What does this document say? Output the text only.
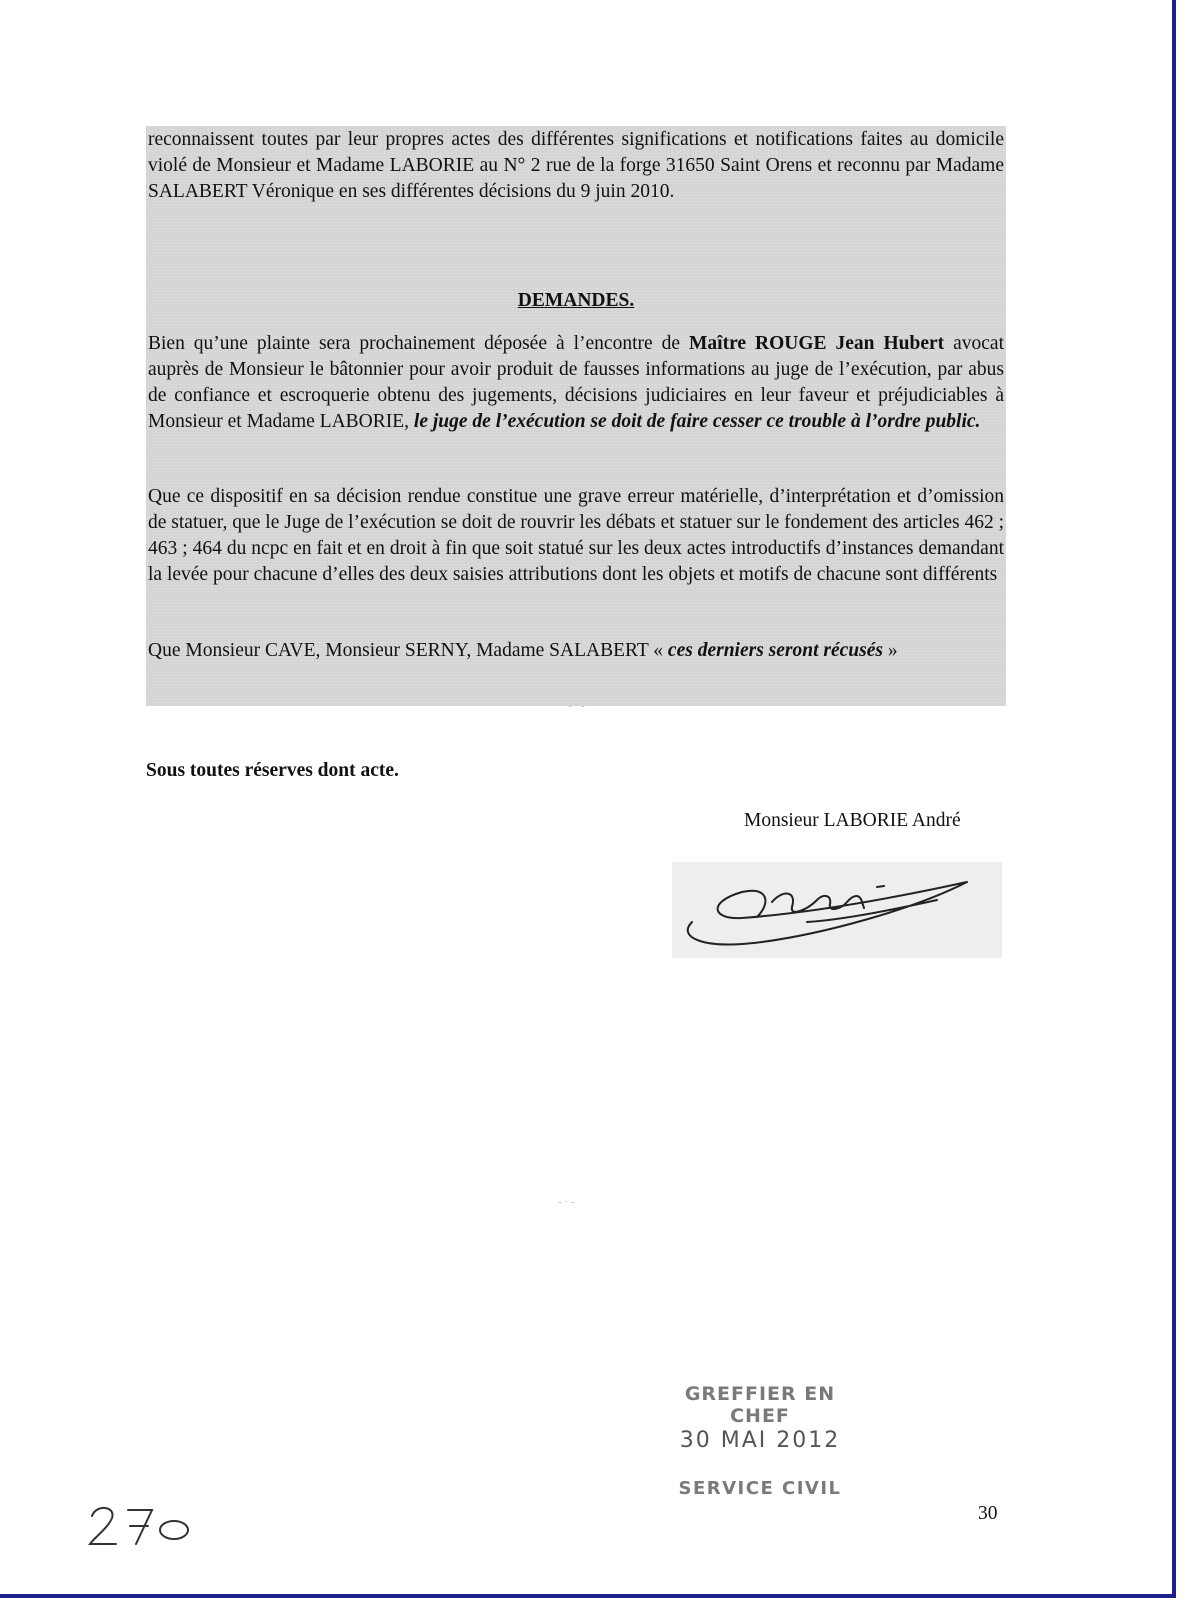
reconnaissent toutes par leur propres actes des différentes significations et notifications faites au domicile violé de Monsieur et Madame LABORIE au N° 2 rue de la forge 31650 Saint Orens et reconnu par Madame SALABERT Véronique en ses différentes décisions du 9 juin 2010.

DEMANDES.

Bien qu’une plainte sera prochainement déposée à l’encontre de Maître ROUGE Jean Hubert avocat auprès de Monsieur le bâtonnier pour avoir produit de fausses informations au juge de l’exécution, par abus de confiance et escroquerie obtenu des jugements, décisions judiciaires en leur faveur et préjudiciables à Monsieur et Madame LABORIE, le juge de l’exécution se doit de faire cesser ce trouble à l’ordre public.

Que ce dispositif en sa décision rendue constitue une grave erreur matérielle, d’interprétation et d’omission de statuer, que le Juge de l’exécution se doit de rouvrir les débats et statuer sur le fondement des articles 462 ; 463 ; 464 du ncpc en fait et en droit à fin que soit statué sur les deux actes introductifs d’instances demandant la levée pour chacune d’elles des deux saisies attributions dont les objets et motifs de chacune sont différents

Que Monsieur CAVE, Monsieur SERNY, Madame SALABERT « ces derniers seront récusés »

Sous toutes réserves dont acte.

Monsieur LABORIE André

GREFFIER EN CHEF

30 MAI 2012

SERVICE CIVIL

30

- · -
- · -
